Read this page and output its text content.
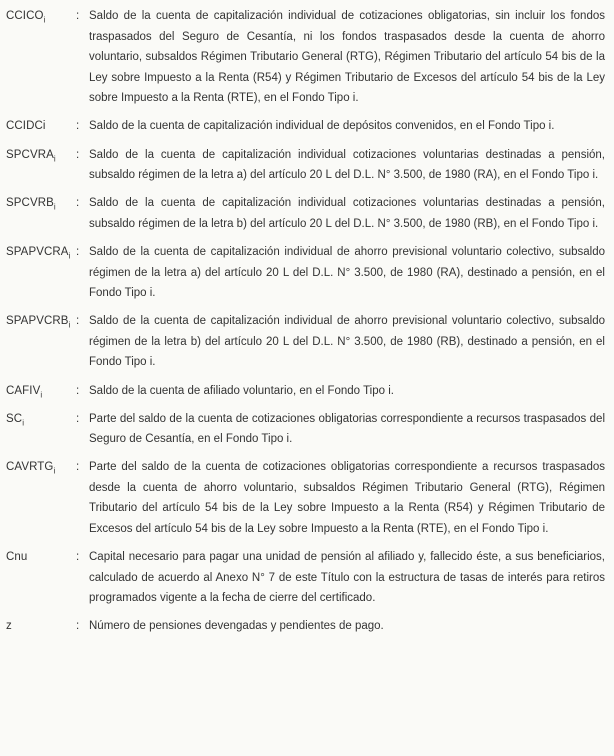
$CCICO_i$	: Saldo de la cuenta de capitalización individual de cotizaciones obligatorias, sin incluir los fondos traspasados del Seguro de Cesantía, ni los fondos traspasados desde la cuenta de ahorro voluntario, subsaldos Régimen Tributario General (RTG), Régimen Tributario del artículo 54 bis de la Ley sobre Impuesto a la Renta (R54) y Régimen Tributario de Excesos del artículo 54 bis de la Ley sobre Impuesto a la Renta (RTE), en el Fondo Tipo i.

CCIDCi	: Saldo de la cuenta de capitalización individual de depósitos convenidos, en el Fondo Tipo i.

$SPCVRA_i$	: Saldo de la cuenta de capitalización individual cotizaciones voluntarias destinadas a pensión, subsaldo régimen de la letra a) del artículo 20 L del D.L. N° 3.500, de 1980 (RA), en el Fondo Tipo i.

$SPCVRB_i$	: Saldo de la cuenta de capitalización individual cotizaciones voluntarias destinadas a pensión, subsaldo régimen de la letra b) del artículo 20 L del D.L. N° 3.500, de 1980 (RB), en el Fondo Tipo i.

$SPAPVCRA_i$ : Saldo de la cuenta de capitalización individual de ahorro previsional voluntario colectivo, subsaldo régimen de la letra a) del artículo 20 L del D.L. N° 3.500, de 1980 (RA), destinado a pensión, en el Fondo Tipo i.

$SPAPVCRB_i$ : Saldo de la cuenta de capitalización individual de ahorro previsional voluntario colectivo, subsaldo régimen de la letra b) del artículo 20 L del D.L. N° 3.500, de 1980 (RB), destinado a pensión, en el Fondo Tipo i.

$CAFIV_i$	: Saldo de la cuenta de afiliado voluntario, en el Fondo Tipo i.

$SC_i$	: Parte del saldo de la cuenta de cotizaciones obligatorias correspondiente a recursos traspasados del Seguro de Cesantía, en el Fondo Tipo i.

$CAVRTG_i$	: Parte del saldo de la cuenta de cotizaciones obligatorias correspondiente a recursos traspasados desde la cuenta de ahorro voluntario, subsaldos Régimen Tributario General (RTG), Régimen Tributario del artículo 54 bis de la Ley sobre Impuesto a la Renta (R54) y Régimen Tributario de Excesos del artículo 54 bis de la Ley sobre Impuesto a la Renta (RTE), en el Fondo Tipo i.

Cnu	: Capital necesario para pagar una unidad de pensión al afiliado y, fallecido éste, a sus beneficiarios, calculado de acuerdo al Anexo N° 7 de este Título con la estructura de tasas de interés para retiros programados vigente a la fecha de cierre del certificado.

z	: Número de pensiones devengadas y pendientes de pago.
